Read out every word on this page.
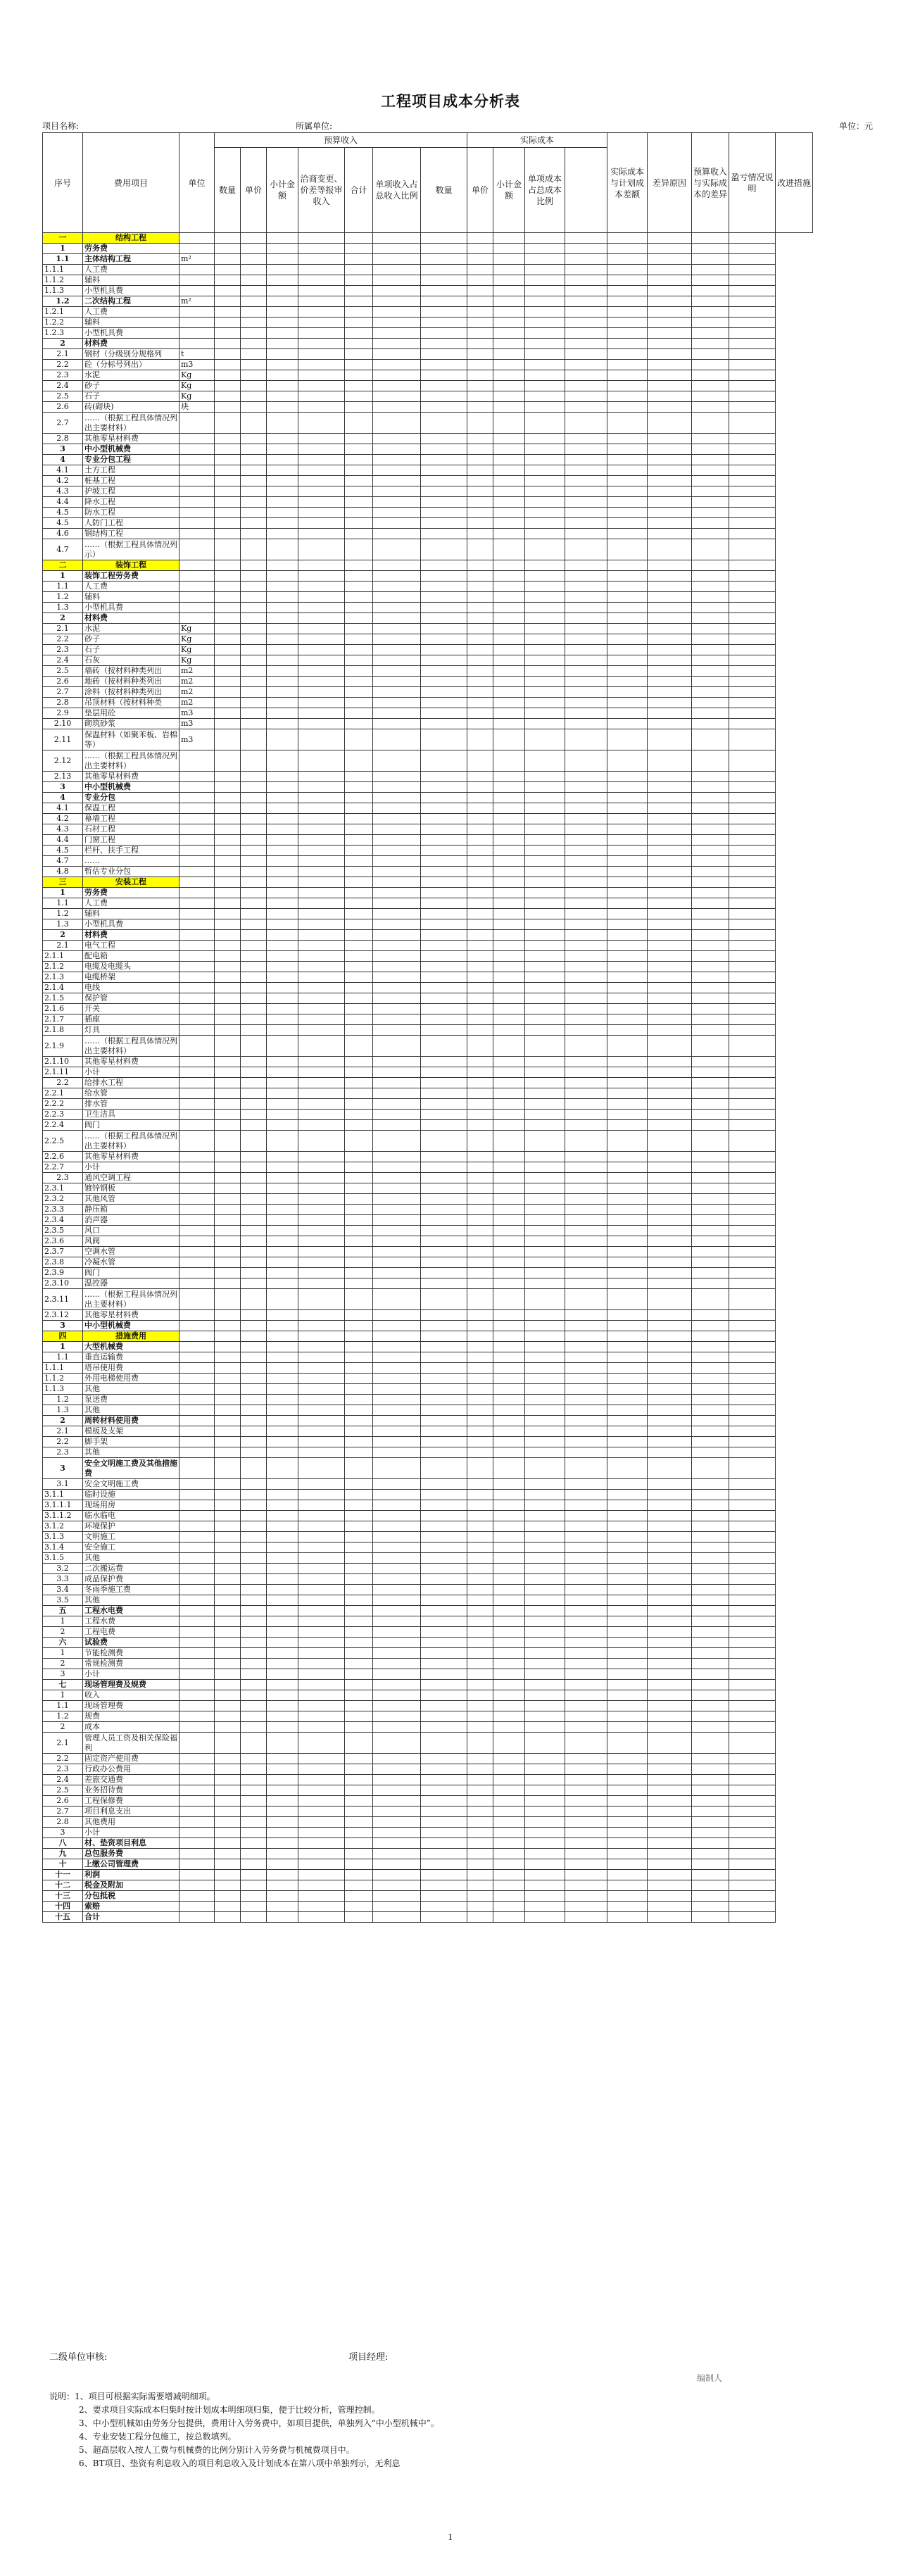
工程项目成本分析表
项目名称:	所属单位:	单位：元
序号	费用项目	单位	预算收入							实际成本				实际成本与计划成本差额	差异原因	预算收入与实际成本的差异	盈亏情况说明	改进措施
			数量	单价	小计金额	洽商变更、价差等报审收入	合计	单项收入占总收入比例	数量	单价	小计金额	单项成本占总成本比例						
一	结构工程																	
1	劳务费																	
1.1	主体结构工程	m²																
1.1.1	人工费																	
1.1.2	辅料																	
1.1.3	小型机具费																	
1.2	二次结构工程	m²																
1.2.1	人工费																	
1.2.2	辅料																	
1.2.3	小型机具费																	
2	材料费																	
2.1	钢材（分级别分规格列	t																
2.2	砼（分标号列出）	m3																
2.3	水泥	Kg																
2.4	砂子	Kg																
2.5	石子	Kg																
2.6	砖(砌块)	块																
2.7	……（根据工程具体情况列出主要材料）																	
2.8	其他零星材料费																	
3	中小型机械费																	
4	专业分包工程																	
4.1	土方工程																	
4.2	桩基工程																	
4.3	护坡工程																	
4.4	降水工程																	
4.5	防水工程																	
4.5	人防门工程																	
4.6	钢结构工程																	
4.7	……（根据工程具体情况列示）																	
二	装饰工程																	
1	装饰工程劳务费																	
1.1	人工费																	
1.2	辅料																	
1.3	小型机具费																	
2	材料费																	
2.1	水泥	Kg																
2.2	砂子	Kg																
2.3	石子	Kg																
2.4	石灰	Kg																
2.5	墙砖（按材料种类列出	m2																
2.6	地砖（按材料种类列出	m2																
2.7	涂料（按材料种类列出	m2																
2.8	吊顶材料（按材料种类	m2																
2.9	垫层用砼	m3																
2.10	砌筑砂浆	m3																
2.11	保温材料（如聚苯板、岩棉等）	m3																
2.12	……（根据工程具体情况列出主要材料）																	
2.13	其他零星材料费																	
3	中小型机械费																	
4	专业分包																	
4.1	保温工程																	
4.2	幕墙工程																	
4.3	石材工程																	
4.4	门窗工程																	
4.5	栏杆、扶手工程																	
4.7	……																	
4.8	暂估专业分包																	
三	安装工程																	
1	劳务费																	
1.1	人工费																	
1.2	辅料																	
1.3	小型机具费																	
2	材料费																	
2.1	电气工程																	
2.1.1	配电箱																	
2.1.2	电缆及电缆头																	
2.1.3	电缆桥架																	
2.1.4	电线																	
2.1.5	保护管																	
2.1.6	开关																	
2.1.7	插座																	
2.1.8	灯具																	
2.1.9	……（根据工程具体情况列出主要材料）																	
2.1.10	其他零星材料费																	
2.1.11	小计																	
2.2	给排水工程																	
2.2.1	给水管																	
2.2.2	排水管																	
2.2.3	卫生洁具																	
2.2.4	阀门																	
2.2.5	……（根据工程具体情况列出主要材料）																	
2.2.6	其他零星材料费																	
2.2.7	小计																	
2.3	通风空调工程																	
2.3.1	镀锌钢板																	
2.3.2	其他风管																	
2.3.3	静压箱																	
2.3.4	消声器																	
2.3.5	风口																	
2.3.6	风阀																	
2.3.7	空调水管																	
2.3.8	冷凝水管																	
2.3.9	阀门																	
2.3.10	温控器																	
2.3.11	……（根据工程具体情况列出主要材料）																	
2.3.12	其他零星材料费																	
3	中小型机械费																	
四	措施费用																	
1	大型机械费																	
1.1	垂直运输费																	
1.1.1	塔吊使用费																	
1.1.2	外用电梯使用费																	
1.1.3	其他																	
1.2	泵送费																	
1.3	其他																	
2	周转材料使用费																	
2.1	模板及支架																	
2.2	脚手架																	
2.3	其他																	
3	安全文明施工费及其他措施费																	
3.1	安全文明施工费																	
3.1.1	临时设施																	
3.1.1.1	现场用房																	
3.1.1.2	临水临电																	
3.1.2	环境保护																	
3.1.3	文明施工																	
3.1.4	安全施工																	
3.1.5	其他																	
3.2	二次搬运费																	
3.3	成品保护费																	
3.4	冬雨季施工费																	
3.5	其他																	
五	工程水电费																	
1	工程水费																	
2	工程电费																	
六	试验费																	
1	节能检测费																	
2	常规检测费																	
3	小计																	
七	现场管理费及规费																	
1	收入																	
1.1	现场管理费																	
1.2	规费																	
2	成本																	
2.1	管理人员工资及相关保险福利																	
2.2	固定资产使用费																	
2.3	行政办公费用																	
2.4	差旅交通费																	
2.5	业务招待费																	
2.6	工程保修费																	
2.7	项目利息支出																	
2.8	其他费用																	
3	小计																	
八	材、垫资项目利息																	
九	总包服务费																	
十	上缴公司管理费																	
十一	利润																	
十二	税金及附加																	
十三	分包抵税																	
十四	索赔																	
十五	合计																	
二级单位审核:	项目经理:
编制人
说明：1、项目可根据实际需要增减明细项。
2、要求项目实际成本归集时按计划成本明细项归集，便于比较分析，管理控制。
3、中小型机械如由劳务分包提供，费用计入劳务费中，如项目提供，单独列入“中小型机械中”。
4、专业安装工程分包施工，按总数填列。
5、超高层收入按人工费与机械费的比例分别计入劳务费与机械费项目中。
6、BT项目、垫资有利息收入的项目利息收入及计划成本在第八项中单独列示，无利息
1
